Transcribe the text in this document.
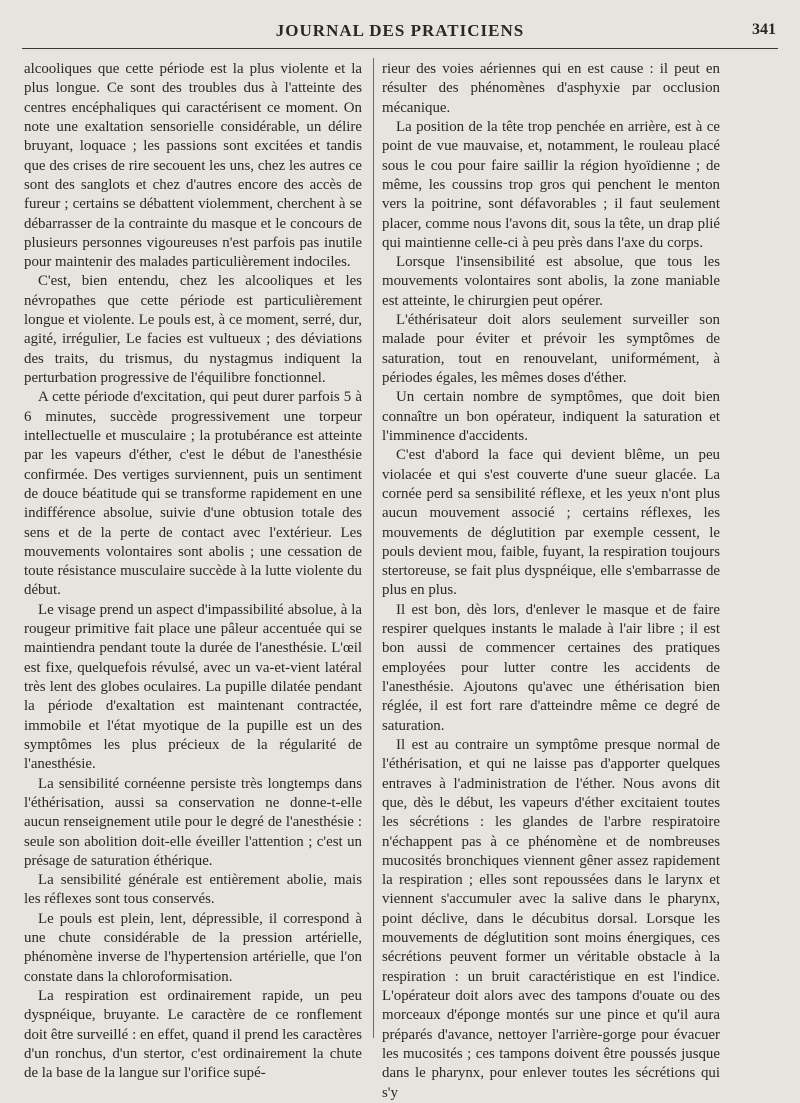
JOURNAL DES PRATICIENS	341

alcooliques que cette période est la plus violente et la plus longue. Ce sont des troubles dus à l'atteinte des centres encéphaliques qui caractérisent ce moment. On note une exaltation sensorielle considérable, un délire bruyant, loquace ; les passions sont excitées et tandis que des crises de rire secouent les uns, chez les autres ce sont des sanglots et chez d'autres encore des accès de fureur ; certains se débattent violemment, cherchent à se débarrasser de la contrainte du masque et le concours de plusieurs personnes vigoureuses n'est parfois pas inutile pour maintenir des malades particulièrement indociles.

C'est, bien entendu, chez les alcooliques et les névropathes que cette période est particulièrement longue et violente. Le pouls est, à ce moment, serré, dur, agité, irrégulier, Le facies est vultueux ; des déviations des traits, du trismus, du nystagmus indiquent la perturbation progressive de l'équilibre fonctionnel.

A cette période d'excitation, qui peut durer parfois 5 à 6 minutes, succède progressivement une torpeur intellectuelle et musculaire ; la protubérance est atteinte par les vapeurs d'éther, c'est le début de l'anesthésie confirmée. Des vertiges surviennent, puis un sentiment de douce béatitude qui se transforme rapidement en une indifférence absolue, suivie d'une obtusion totale des sens et de la perte de contact avec l'extérieur. Les mouvements volontaires sont abolis ; une cessation de toute résistance musculaire succède à la lutte violente du début.

Le visage prend un aspect d'impassibilité absolue, à la rougeur primitive fait place une pâleur accentuée qui se maintiendra pendant toute la durée de l'anesthésie. L'œil est fixe, quelquefois révulsé, avec un va-et-vient latéral très lent des globes oculaires. La pupille dilatée pendant la période d'exaltation est maintenant contractée, immobile et l'état myotique de la pupille est un des symptômes les plus précieux de la régularité de l'anesthésie.

La sensibilité cornéenne persiste très longtemps dans l'éthérisation, aussi sa conservation ne donne-t-elle aucun renseignement utile pour le degré de l'anesthésie : seule son abolition doit-elle éveiller l'attention ; c'est un présage de saturation éthérique.

La sensibilité générale est entièrement abolie, mais les réflexes sont tous conservés.

Le pouls est plein, lent, dépressible, il correspond à une chute considérable de la pression artérielle, phénomène inverse de l'hypertension artérielle, que l'on constate dans la chloroformisation.

La respiration est ordinairement rapide, un peu dyspnéique, bruyante. Le caractère de ce ronflement doit être surveillé : en effet, quand il prend les caractères d'un ronchus, d'un stertor, c'est ordinairement la chute de la base de la langue sur l'orifice supé-

rieur des voies aériennes qui en est cause : il peut en résulter des phénomènes d'asphyxie par occlusion mécanique.

La position de la tête trop penchée en arrière, est à ce point de vue mauvaise, et, notamment, le rouleau placé sous le cou pour faire saillir la région hyoïdienne ; de même, les coussins trop gros qui penchent le menton vers la poitrine, sont défavorables ; il faut seulement placer, comme nous l'avons dit, sous la tête, un drap plié qui maintienne celle-ci à peu près dans l'axe du corps.

Lorsque l'insensibilité est absolue, que tous les mouvements volontaires sont abolis, la zone maniable est atteinte, le chirurgien peut opérer.

L'éthérisateur doit alors seulement surveiller son malade pour éviter et prévoir les symptômes de saturation, tout en renouvelant, uniformément, à périodes égales, les mêmes doses d'éther.

Un certain nombre de symptômes, que doit bien connaître un bon opérateur, indiquent la saturation et l'imminence d'accidents.

C'est d'abord la face qui devient blême, un peu violacée et qui s'est couverte d'une sueur glacée. La cornée perd sa sensibilité réflexe, et les yeux n'ont plus aucun mouvement associé ; certains réflexes, les mouvements de déglutition par exemple cessent, le pouls devient mou, faible, fuyant, la respiration toujours stertoreuse, se fait plus dyspnéique, elle s'embarrasse de plus en plus.

Il est bon, dès lors, d'enlever le masque et de faire respirer quelques instants le malade à l'air libre ; il est bon aussi de commencer certaines des pratiques employées pour lutter contre les accidents de l'anesthésie. Ajoutons qu'avec une éthérisation bien réglée, il est fort rare d'atteindre même ce degré de saturation.

Il est au contraire un symptôme presque normal de l'éthérisation, et qui ne laisse pas d'apporter quelques entraves à l'administration de l'éther. Nous avons dit que, dès le début, les vapeurs d'éther excitaient toutes les sécrétions : les glandes de l'arbre respiratoire n'échappent pas à ce phénomène et de nombreuses mucosités bronchiques viennent gêner assez rapidement la respiration ; elles sont repoussées dans le larynx et viennent s'accumuler avec la salive dans le pharynx, point déclive, dans le décubitus dorsal. Lorsque les mouvements de déglutition sont moins énergiques, ces sécrétions peuvent former un véritable obstacle à la respiration : un bruit caractéristique en est l'indice. L'opérateur doit alors avec des tampons d'ouate ou des morceaux d'éponge montés sur une pince et qu'il aura préparés d'avance, nettoyer l'arrière-gorge pour évacuer les mucosités ; ces tampons doivent être poussés jusque dans le pharynx, pour enlever toutes les sécrétions qui s'y
